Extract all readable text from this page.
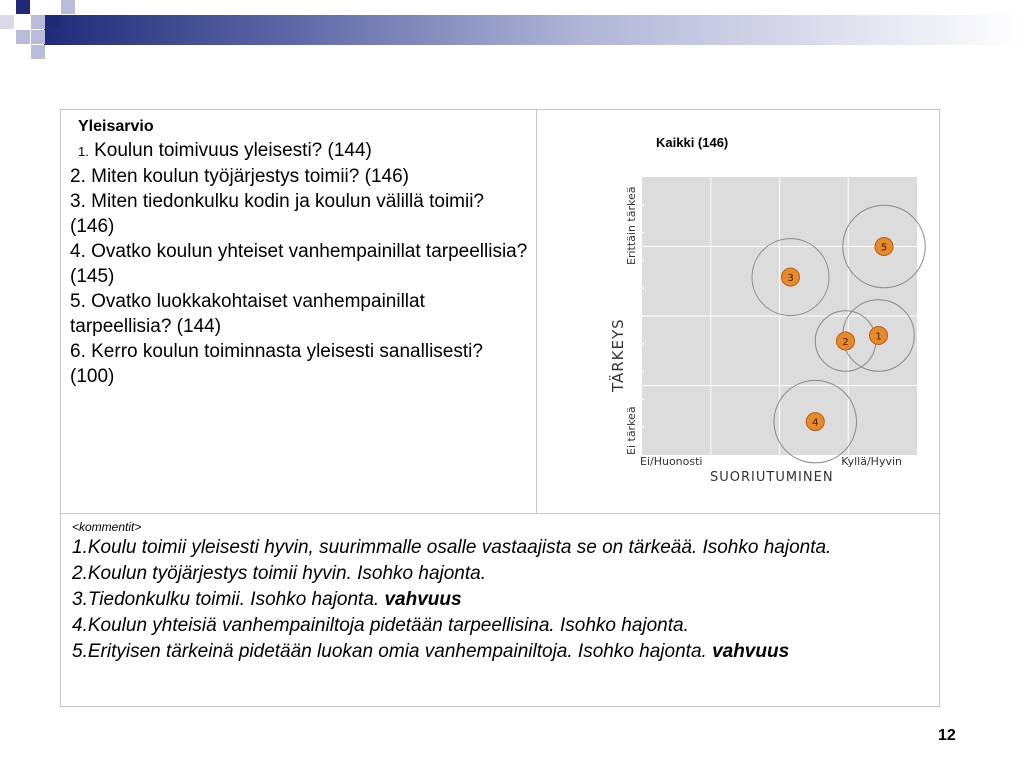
Yleisarvio

1. Koulun toimivuus yleisesti? (144)

2. Miten koulun työjärjestys toimii? (146)

3. Miten tiedonkulku kodin ja koulun välillä toimii? (146)

4. Ovatko koulun yhteiset vanhempainillat tarpeellisia? (145)

5. Ovatko luokkakohtaiset vanhempainillat tarpeellisia? (144)

6. Kerro koulun toiminnasta yleisesti sanallisesti? (100)

Kaikki (146)
1
2
3
4
5
TÄRKEYS
Erittäin tärkeä
Ei tärkeä
Ei/Huonosti	Kyllä/Hyvin
SUORIUTUMINEN
<kommentit>
1.Koulu toimii yleisesti hyvin, suurimmalle osalle vastaajista se on tärkeää. Isohko hajonta.
2.Koulun työjärjestys toimii hyvin. Isohko hajonta.
3.Tiedonkulku toimii. Isohko hajonta. vahvuus
4.Koulun yhteisiä vanhempainiltoja pidetään tarpeellisina. Isohko hajonta.
5.Erityisen tärkeinä pidetään luokan omia vanhempainiltoja. Isohko hajonta. vahvuus
12
